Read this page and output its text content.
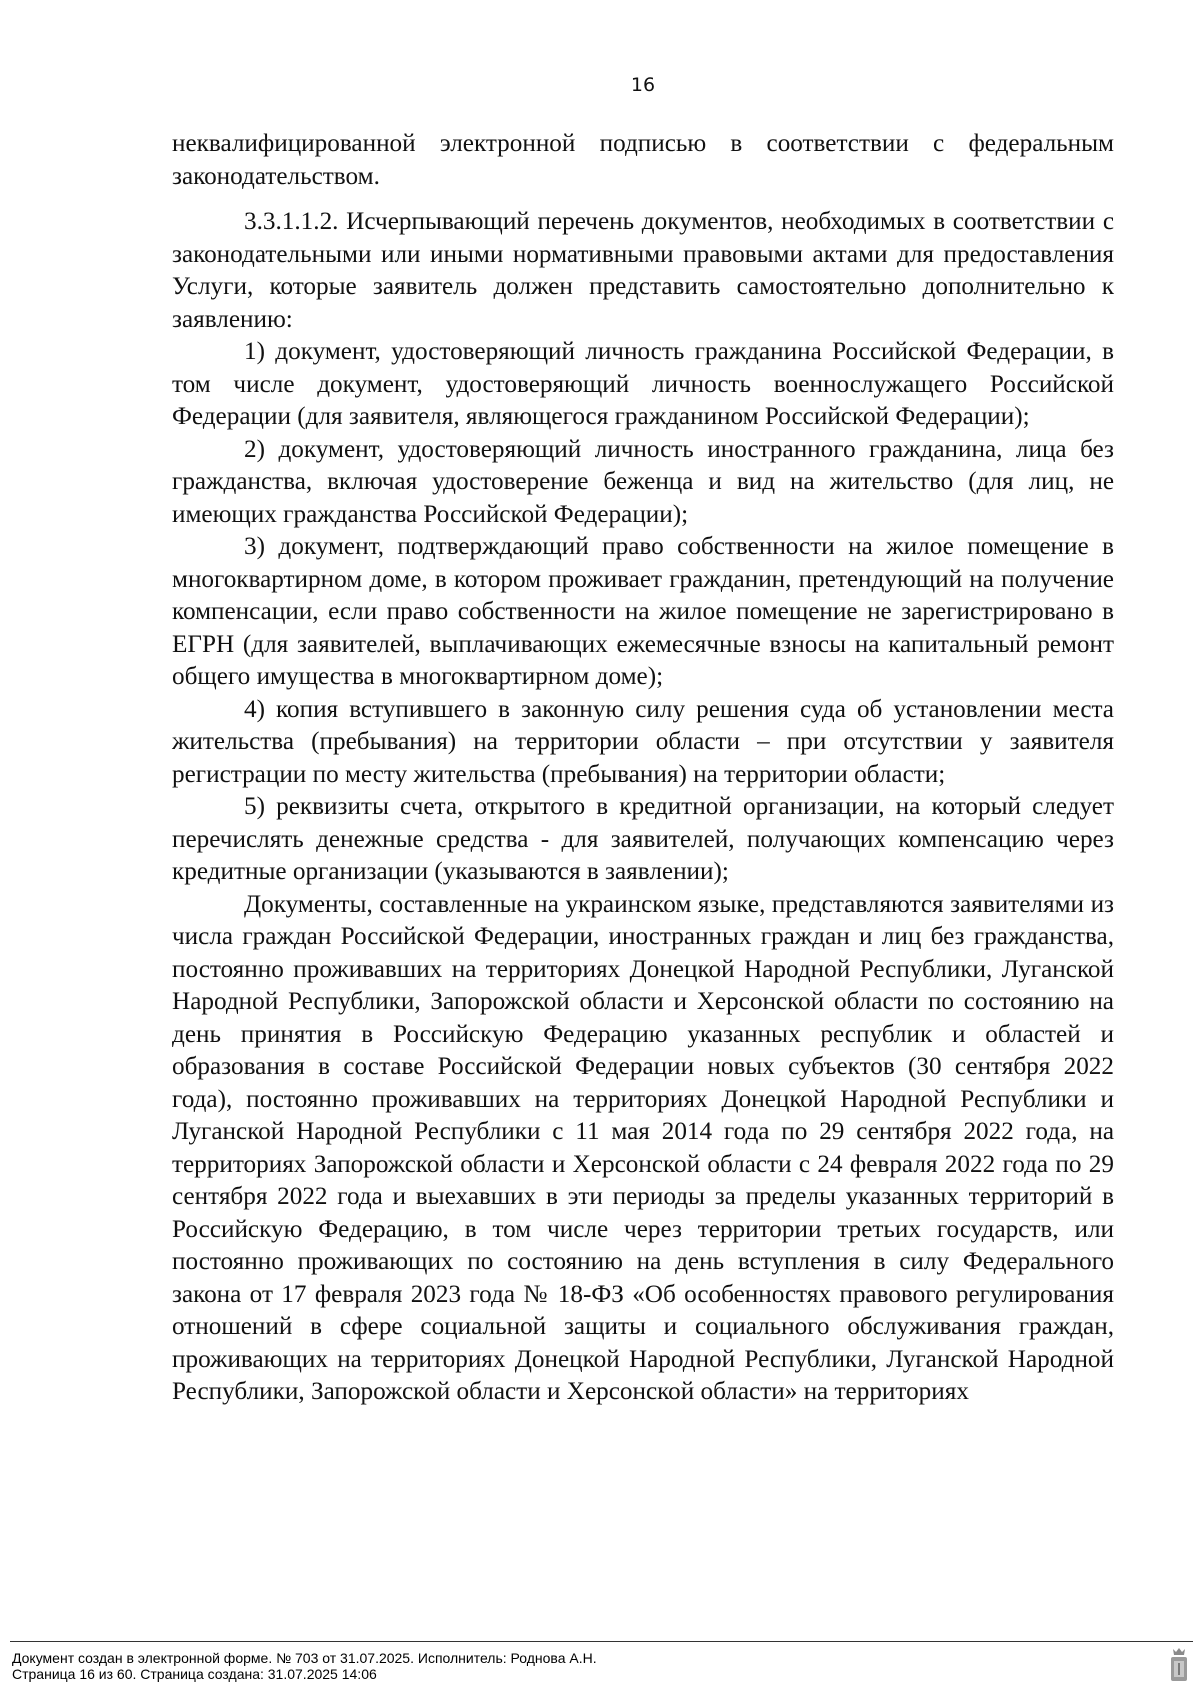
16

неквалифицированной электронной подписью в соответствии с федеральным законодательством.

3.3.1.1.2. Исчерпывающий перечень документов, необходимых в соответствии с законодательными или иными нормативными правовыми актами для предоставления Услуги, которые заявитель должен представить самостоятельно дополнительно к заявлению:

1) документ, удостоверяющий личность гражданина Российской Федерации, в том числе документ, удостоверяющий личность военнослужащего Российской Федерации (для заявителя, являющегося гражданином Российской Федерации);

2) документ, удостоверяющий личность иностранного гражданина, лица без гражданства, включая удостоверение беженца и вид на жительство (для лиц, не имеющих гражданства Российской Федерации);

3) документ, подтверждающий право собственности на жилое помещение в многоквартирном доме, в котором проживает гражданин, претендующий на получение компенсации, если право собственности на жилое помещение не зарегистрировано в ЕГРН (для заявителей, выплачивающих ежемесячные взносы на капитальный ремонт общего имущества в многоквартирном доме);

4) копия вступившего в законную силу решения суда об установлении места жительства (пребывания) на территории области – при отсутствии у заявителя регистрации по месту жительства (пребывания) на территории области;

5) реквизиты счета, открытого в кредитной организации, на который следует перечислять денежные средства - для заявителей, получающих компенсацию через кредитные организации (указываются в заявлении);

Документы, составленные на украинском языке, представляются заявителями из числа граждан Российской Федерации, иностранных граждан и лиц без гражданства, постоянно проживавших на территориях Донецкой Народной Республики, Луганской Народной Республики, Запорожской области и Херсонской области по состоянию на день принятия в Российскую Федерацию указанных республик и областей и образования в составе Российской Федерации новых субъектов (30 сентября 2022 года), постоянно проживавших на территориях Донецкой Народной Республики и Луганской Народной Республики с 11 мая 2014 года по 29 сентября 2022 года, на территориях Запорожской области и Херсонской области с 24 февраля 2022 года по 29 сентября 2022 года и выехавших в эти периоды за пределы указанных территорий в Российскую Федерацию, в том числе через территории третьих государств, или постоянно проживающих по состоянию на день вступления в силу Федерального закона от 17 февраля 2023 года № 18-ФЗ «Об особенностях правового регулирования отношений в сфере социальной защиты и социального обслуживания граждан, проживающих на территориях Донецкой Народной Республики, Луганской Народной Республики, Запорожской области и Херсонской области» на территориях

Документ создан в электронной форме. № 703 от 31.07.2025. Исполнитель: Роднова А.Н.
Страница 16 из 60. Страница создана: 31.07.2025 14:06
